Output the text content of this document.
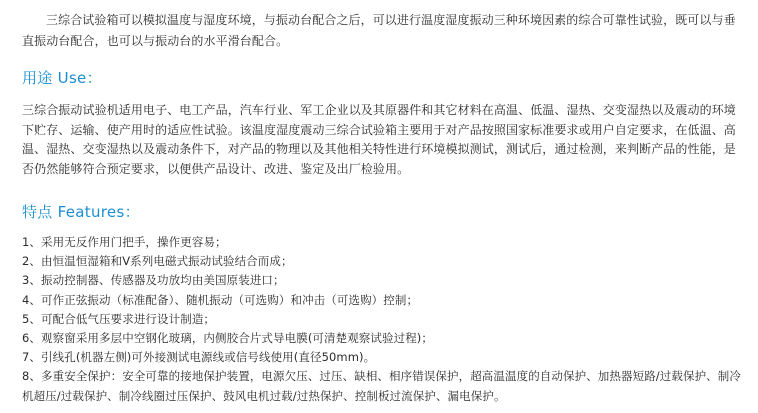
三综合试验箱可以模拟温度与湿度环境，与振动台配合之后，可以进行温度湿度振动三种环境因素的综合可靠性试验，既可以与垂直振动台配合，也可以与振动台的水平滑台配合。

用途 Use：

三综合振动试验机适用电子、电工产品，汽车行业、军工企业以及其原器件和其它材料在高温、低温、湿热、交变湿热以及震动的环境下贮存、运输、使产用时的适应性试验。该温度湿度震动三综合试验箱主要用于对产品按照国家标准要求或用户自定要求，在低温、高温、湿热、交变湿热以及震动条件下，对产品的物理以及其他相关特性进行环境模拟测试，测试后，通过检测，来判断产品的性能，是否仍然能够符合预定要求，以便供产品设计、改进、鉴定及出厂检验用。

特点 Features：
1、采用无反作用门把手，操作更容易；
2、由恒温恒湿箱和V系列电磁式振动试验结合而成；
3、振动控制器、传感器及功放均由美国原装进口；
4、可作正弦振动（标准配备）、随机振动（可选购）和冲击（可选购）控制；
5、可配合低气压要求进行设计制造；
6、观察窗采用多层中空钢化玻璃，内侧胶合片式导电膜(可清楚观察试验过程)；
7、引线孔(机器左侧)可外接测试电源线或信号线使用(直径50mm)。
8、多重安全保护：安全可靠的接地保护装置，电源欠压、过压、缺相、相序错误保护，超高温温度的自动保护、加热器短路/过载保护、制冷机超压/过载保护、制冷线圈过压保护、鼓风电机过载/过热保护、控制板过流保护、漏电保护。
